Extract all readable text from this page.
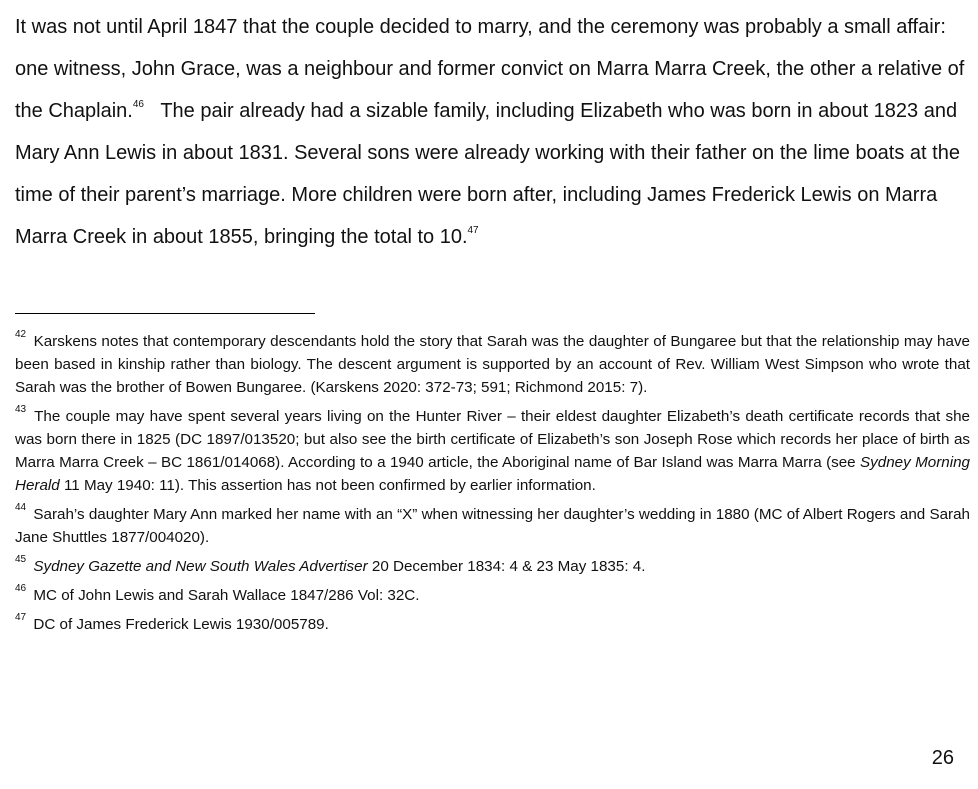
It was not until April 1847 that the couple decided to marry, and the ceremony was probably a small affair: one witness, John Grace, was a neighbour and former convict on Marra Marra Creek, the other a relative of the Chaplain.$^{46}$ The pair already had a sizable family, including Elizabeth who was born in about 1823 and Mary Ann Lewis in about 1831. Several sons were already working with their father on the lime boats at the time of their parent’s marriage. More children were born after, including James Frederick Lewis on Marra Marra Creek in about 1855, bringing the total to 10.47

$^{42}$ Karskens notes that contemporary descendants hold the story that Sarah was the daughter of Bungaree but that the relationship may have been based in kinship rather than biology. The descent argument is supported by an account of Rev. William West Simpson who wrote that Sarah was the brother of Bowen Bungaree. (Karskens 2020: 372-73; 591; Richmond 2015: 7).

$^{43}$ The couple may have spent several years living on the Hunter River – their eldest daughter Elizabeth’s death certificate records that she was born there in 1825 (DC 1897/013520; but also see the birth certificate of Elizabeth’s son Joseph Rose which records her place of birth as Marra Marra Creek – BC 1861/014068). According to a 1940 article, the Aboriginal name of Bar Island was Marra Marra (see Sydney Morning Herald 11 May 1940: 11). This assertion has not been confirmed by earlier information.

$^{44}$ Sarah’s daughter Mary Ann marked her name with an “X” when witnessing her daughter’s wedding in 1880 (MC of Albert Rogers and Sarah Jane Shuttles 1877/004020).

$^{45}$ Sydney Gazette and New South Wales Advertiser 20 December 1834: 4 & 23 May 1835: 4.

$^{46}$ MC of John Lewis and Sarah Wallace 1847/286 Vol: 32C.

$^{47}$ DC of James Frederick Lewis 1930/005789.

26
